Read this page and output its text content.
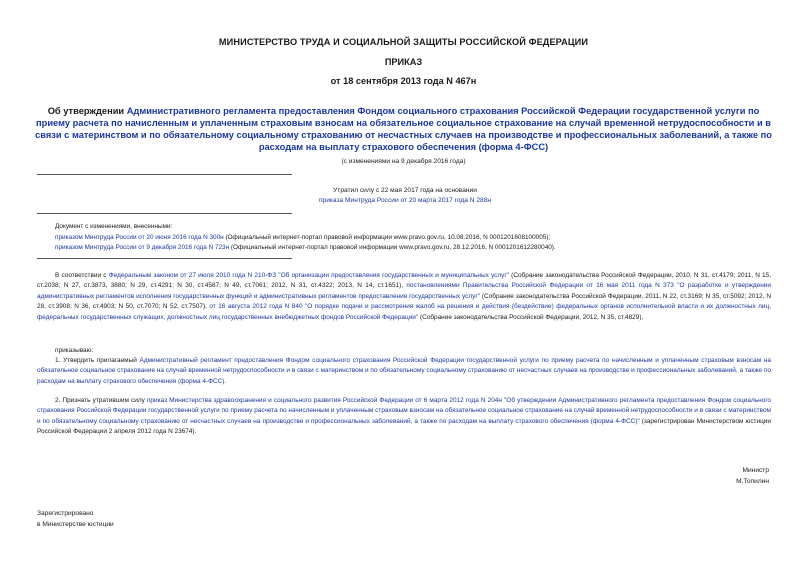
МИНИСТЕРСТВО ТРУДА И СОЦИАЛЬНОЙ ЗАЩИТЫ РОССИЙСКОЙ ФЕДЕРАЦИИ
ПРИКАЗ
от 18 сентября 2013 года N 467н
Об утверждении Административного регламента предоставления Фондом социального страхования Российской Федерации государственной услуги по приему расчета по начисленным и уплаченным страховым взносам на обязательное социальное страхование на случай временной нетрудоспособности и в связи с материнством и по обязательному социальному страхованию от несчастных случаев на производстве и профессиональных заболеваний, а также по расходам на выплату страхового обеспечения (форма 4-ФСС)
(с изменениями на 9 декабря 2016 года)
Утратил силу с 22 мая 2017 года на основании
приказа Минтруда России от 20 марта 2017 года N 288н
Документ с изменениями, внесенными:
приказом Минтруда России от 20 июня 2016 года N 300н (Официальный интернет-портал правовой информации www.pravo.gov.ru, 10.08.2016, N 0001201608100005);
приказом Минтруда России от 9 декабря 2016 года N 723н (Официальный интернет-портал правовой информации www.pravo.gov.ru, 28.12.2016, N 0001201612280040).
В соответствии с Федеральным законом от 27 июля 2010 года N 210-ФЗ "Об организации предоставления государственных и муниципальных услуг" (Собрание законодательства Российской Федерации, 2010, N 31, ст.4179; 2011, N 15, ст.2038; N 27, ст.3873, 3880; N 29, ст.4291; N 30, ст.4587; N 49, ст.7061; 2012, N 31, ст.4322; 2013, N 14, ст.1651), постановлениями Правительства Российской Федерации от 16 мая 2011 года N 373 "О разработке и утверждении административных регламентов исполнения государственных функций и административных регламентов предоставления государственных услуг" (Собрание законодательства Российской Федерации, 2011, N 22, ст.3169; N 35, ст.5092; 2012, N 28, ст.3908; N 36, ст.4903; N 50, ст.7070; N 52, ст.7507), от 16 августа 2012 года N 840 "О порядке подачи и рассмотрения жалоб на решения и действия (бездействие) федеральных органов исполнительной власти и их должностных лиц, федеральных государственных служащих, должностных лиц государственных внебюджетных фондов Российской Федерации" (Собрание законодательства Российской Федерации, 2012, N 35, ст.4829),
приказываю:
1. Утвердить прилагаемый Административный регламент предоставления Фондом социального страхования Российской Федерации государственной услуги по приему расчета по начисленным и уплаченным страховым взносам на обязательное социальное страхование на случай временной нетрудоспособности и в связи с материнством и по обязательному социальному страхованию от несчастных случаев на производстве и профессиональных заболеваний, а также по расходам на выплату страхового обеспечения (форма 4-ФСС).
2. Признать утратившим силу приказ Министерства здравоохранения и социального развития Российской Федерации от 6 марта 2012 года N 204н "Об утверждении Административного регламента предоставления Фондом социального страхования Российской Федерации государственной услуги по приему расчета по начисленным и уплаченным страховым взносам на обязательное социальное страхование на случай временной нетрудоспособности и в связи с материнством и по обязательному социальному страхованию от несчастных случаев на производстве и профессиональных заболеваний, а также по расходам на выплату страхового обеспечения (форма 4-ФСС)" (зарегистрирован Министерством юстиции Российской Федерации 2 апреля 2012 года N 23674).
Министр
М.Топилин
Зарегистрировано
в Министерстве юстиции
